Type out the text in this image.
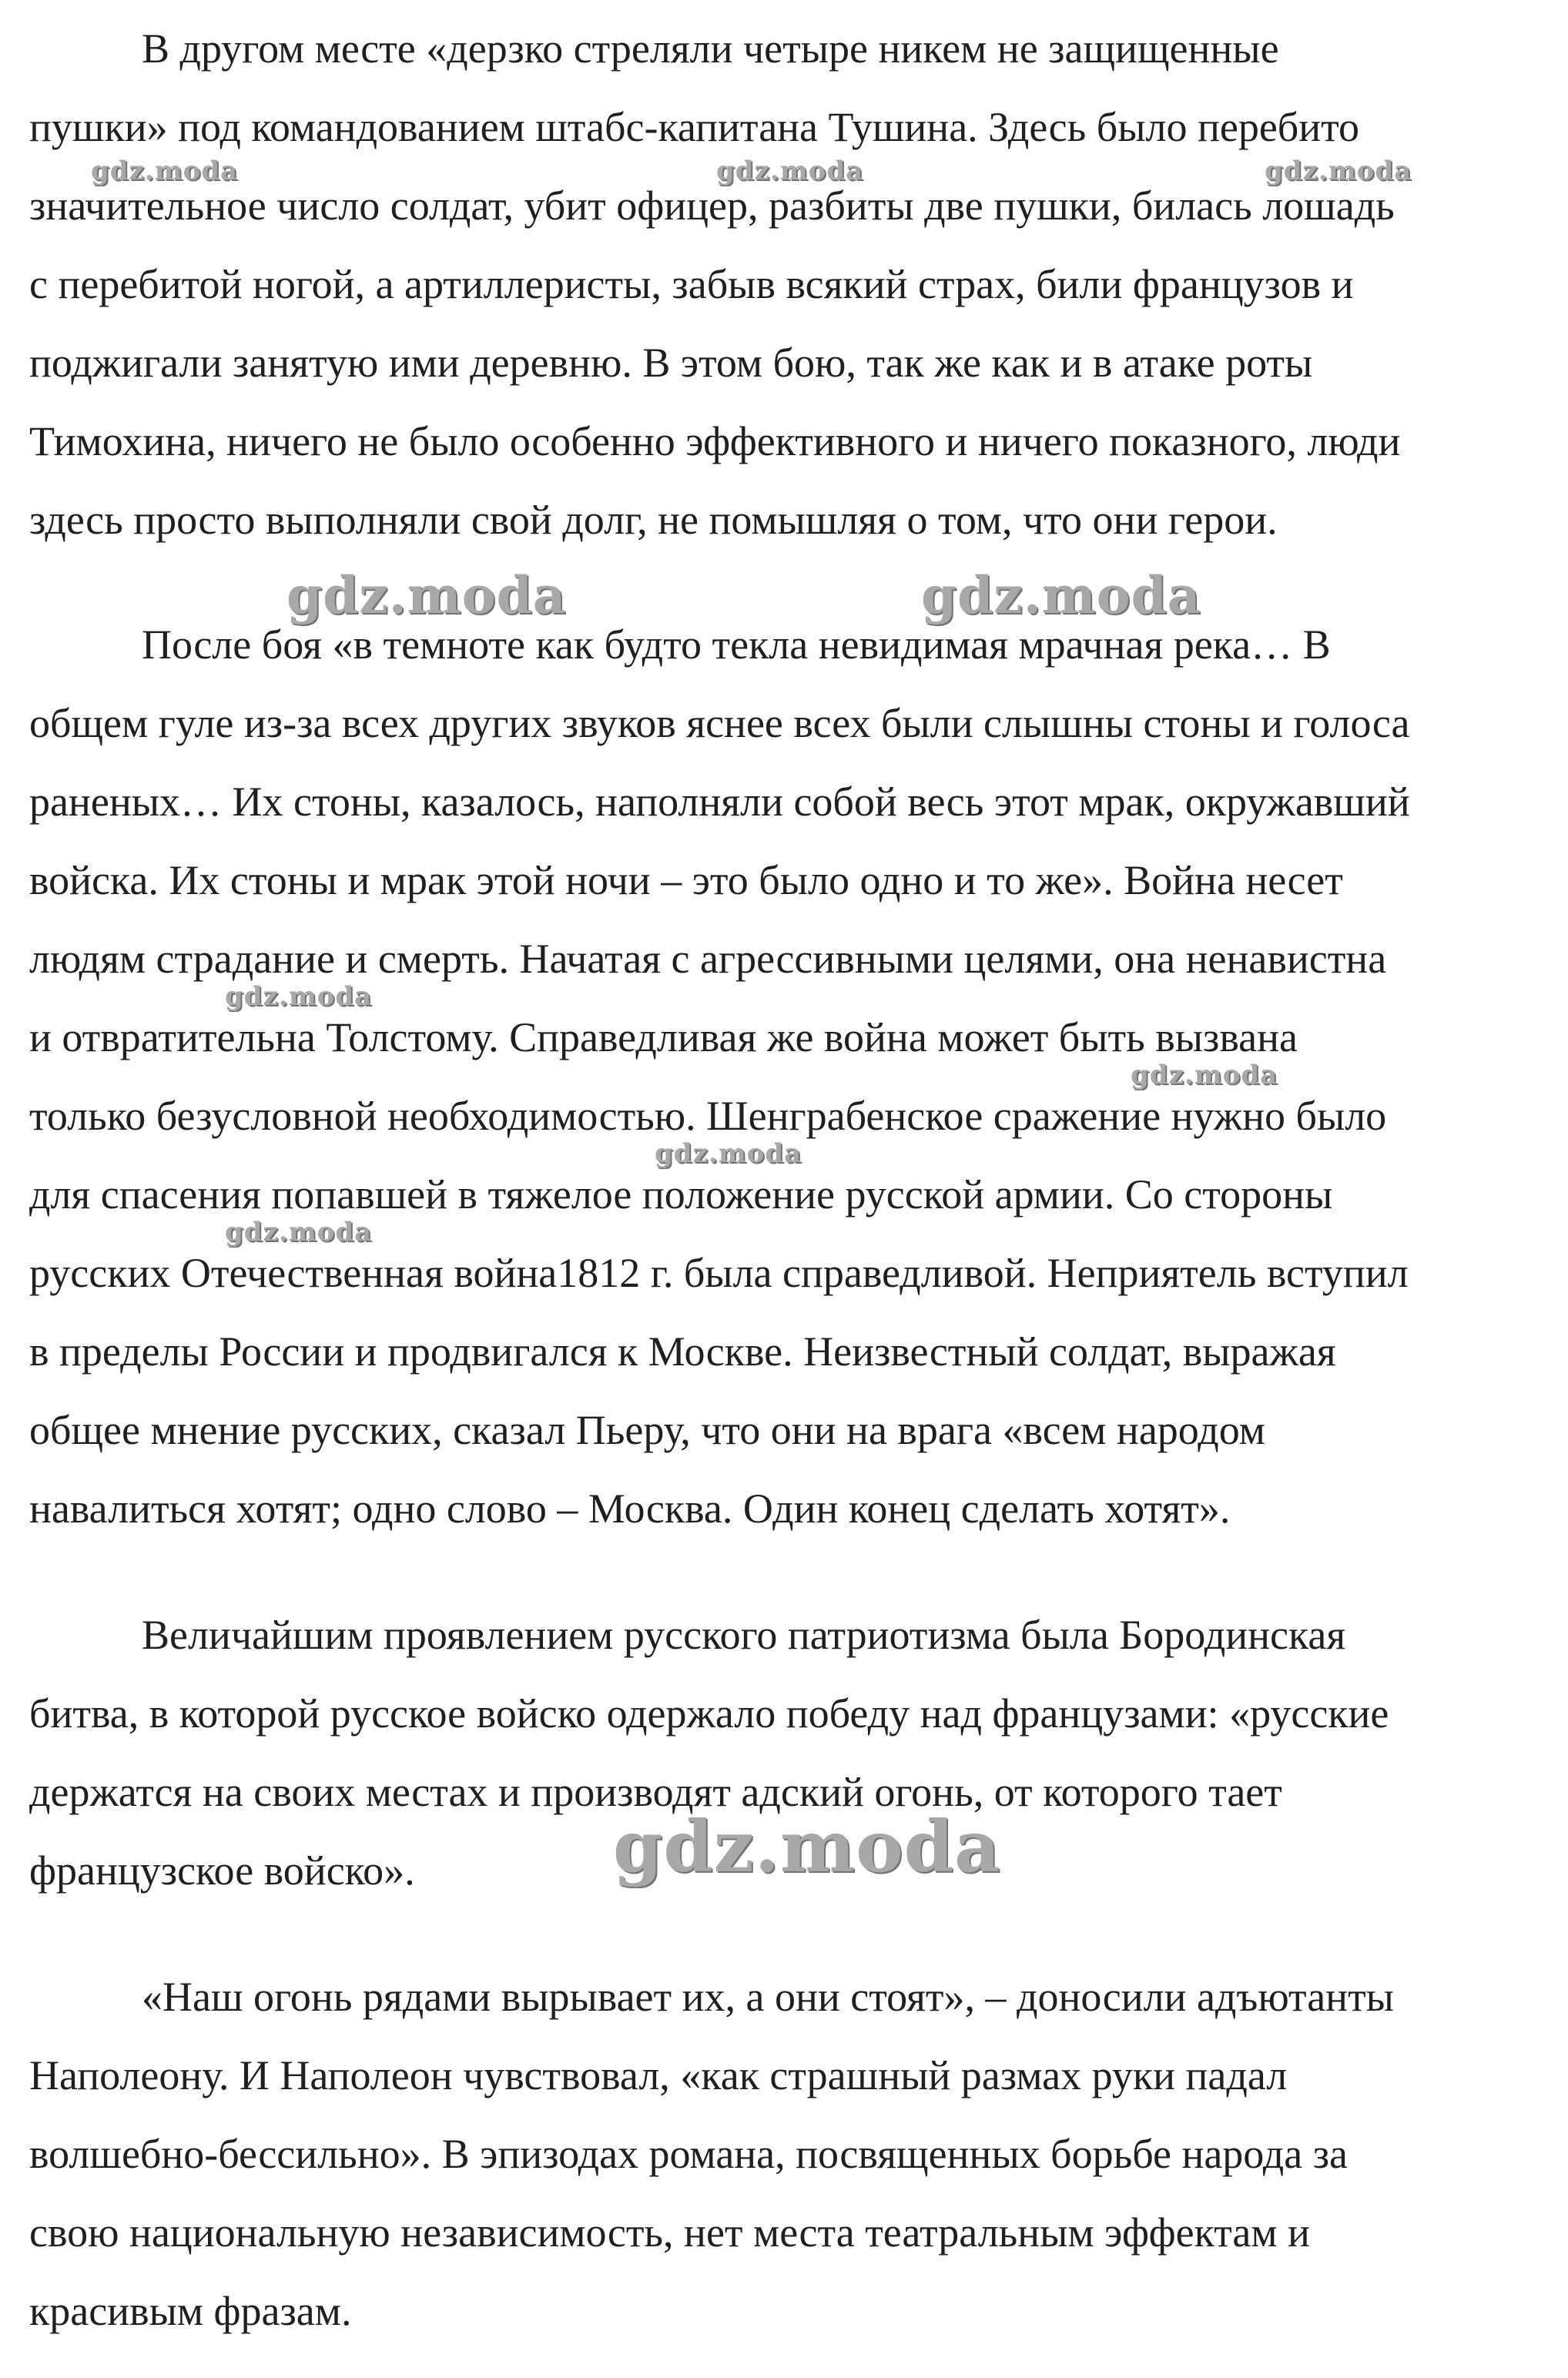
В другом месте «дерзко стреляли четыре никем не защищенные
пушки» под командованием штабс-капитана Тушина. Здесь было перебито
значительное число солдат, убит офицер, разбиты две пушки, билась лошадь
с перебитой ногой, а артиллеристы, забыв всякий страх, били французов и
поджигали занятую ими деревню. В этом бою, так же как и в атаке роты
Тимохина, ничего не было особенно эффективного и ничего показного, люди
здесь просто выполняли свой долг, не помышляя о том, что они герои.
После боя «в темноте как будто текла невидимая мрачная река… В
общем гуле из-за всех других звуков яснее всех были слышны стоны и голоса
раненых… Их стоны, казалось, наполняли собой весь этот мрак, окружавший
войска. Их стоны и мрак этой ночи – это было одно и то же». Война несет
людям страдание и смерть. Начатая с агрессивными целями, она ненавистна
и отвратительна Толстому. Справедливая же война может быть вызвана
только безусловной необходимостью. Шенграбенское сражение нужно было
для спасения попавшей в тяжелое положение русской армии. Со стороны
русских Отечественная война1812 г. была справедливой. Неприятель вступил
в пределы России и продвигался к Москве. Неизвестный солдат, выражая
общее мнение русских, сказал Пьеру, что они на врага «всем народом
навалиться хотят; одно слово – Москва. Один конец сделать хотят».
Величайшим проявлением русского патриотизма была Бородинская
битва, в которой русское войско одержало победу над французами: «русские
держатся на своих местах и производят адский огонь, от которого тает
французское войско».
«Наш огонь рядами вырывает их, а они стоят», – доносили адъютанты
Наполеону. И Наполеон чувствовал, «как страшный размах руки падал
волшебно-бессильно». В эпизодах романа, посвященных борьбе народа за
свою национальную независимость, нет места театральным эффектам и
красивым фразам.
gdz.moda	gdz.moda	gdz.moda
gdz.moda	gdz.moda
gdz.moda
gdz.moda
gdz.moda
gdz.moda
gdz.moda
